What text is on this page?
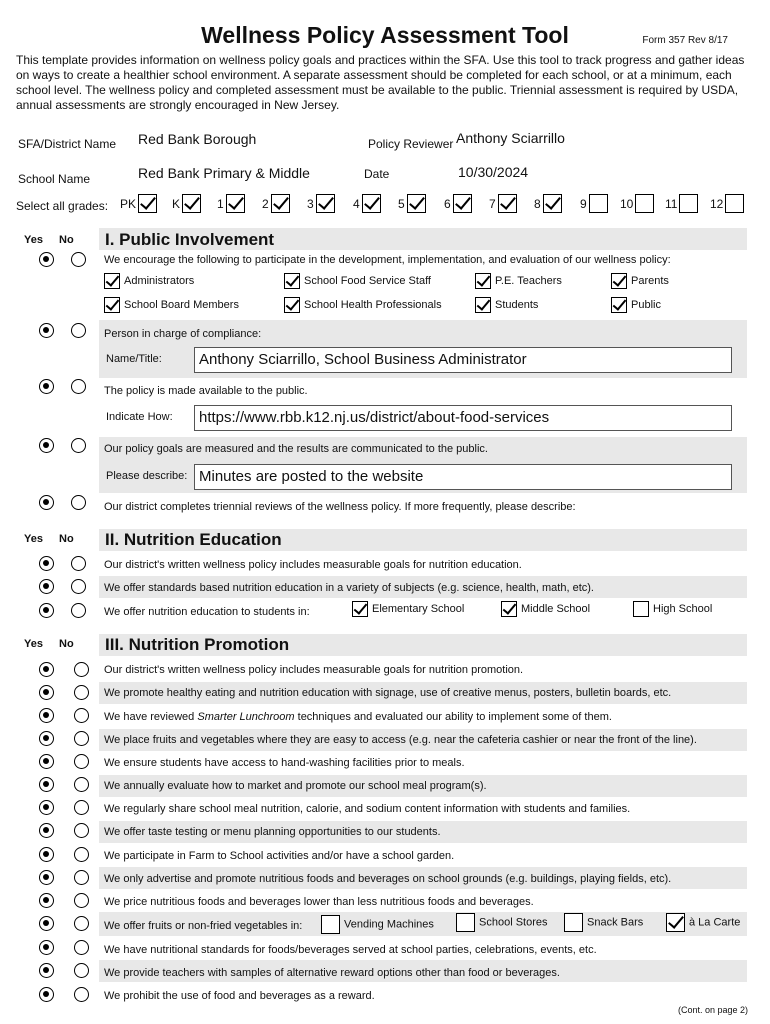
Wellness Policy Assessment Tool	Form 357 Rev 8/17
This template provides information on wellness policy goals and practices within the SFA. Use this tool to track progress and gather ideas on ways to create a healthier school environment. A separate assessment should be completed for each school, or at a minimum, each school level. The wellness policy and completed assessment must be available to the public. Triennial assessment is required by USDA, annual assessments are strongly encouraged in New Jersey.
SFA/District Name Red Bank Borough	Policy Reviewer Anthony Sciarrillo
School Name	Red Bank Primary & Middle	Date	10/30/2024
Select all grades: PK	K	1	2	3	4	5	6	7	8	9	10	11	12
Yes No I. Public Involvement
We encourage the following to participate in the development, implementation, and evaluation of our wellness policy:
Administrators	School Food Service Staff	P.E. Teachers	Parents
School Board Members	School Health Professionals	Students	Public
Person in charge of compliance:
Name/Title:	Anthony Sciarrillo, School Business Administrator
The policy is made available to the public.
Indicate How:	https://www.rbb.k12.nj.us/district/about-food-services
Our policy goals are measured and the results are communicated to the public.
Please describe: Minutes are posted to the website
Our district completes triennial reviews of the wellness policy. If more frequently, please describe:
Yes No II. Nutrition Education
Our district's written wellness policy includes measurable goals for nutrition education.
We offer standards based nutrition education in a variety of subjects (e.g. science, health, math, etc).
We offer nutrition education to students in:	Elementary School	Middle School	High School
Yes No III. Nutrition Promotion
Our district's written wellness policy includes measurable goals for nutrition promotion.
We promote healthy eating and nutrition education with signage, use of creative menus, posters, bulletin boards, etc.
We have reviewed Smarter Lunchroom techniques and evaluated our ability to implement some of them.
We place fruits and vegetables where they are easy to access (e.g. near the cafeteria cashier or near the front of the line).
We ensure students have access to hand-washing facilities prior to meals.
We annually evaluate how to market and promote our school meal program(s).
We regularly share school meal nutrition, calorie, and sodium content information with students and families.
We offer taste testing or menu planning opportunities to our students.
We participate in Farm to School activities and/or have a school garden.
We only advertise and promote nutritious foods and beverages on school grounds (e.g. buildings, playing fields, etc).
We price nutritious foods and beverages lower than less nutritious foods and beverages.
We offer fruits or non-fried vegetables in:	Vending Machines	School Stores	Snack Bars	à La Carte
We have nutritional standards for foods/beverages served at school parties, celebrations, events, etc.
We provide teachers with samples of alternative reward options other than food or beverages.
We prohibit the use of food and beverages as a reward.
(Cont. on page 2)
